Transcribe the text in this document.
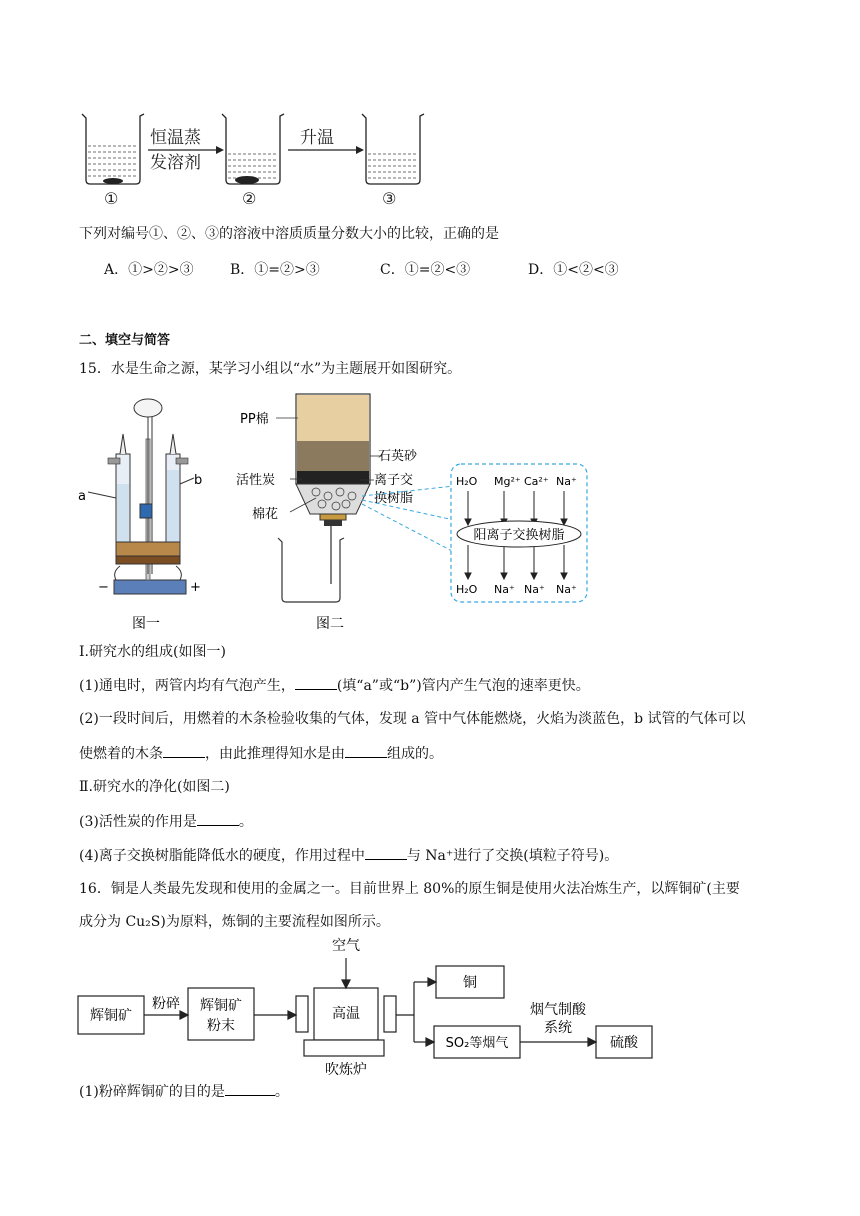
恒温蒸
发溶剂
升温
①	②	③
下列对编号①、②、③的溶液中溶质质量分数大小的比较，正确的是
A．①>②>③	B．①=②>③	C．①=②<③	D．①<②<③
二、填空与简答
15．水是生命之源，某学习小组以“水”为主题展开如图研究。
a
b
−	+
图一
PP棉
石英砂
活性炭	离子交
换树脂
棉花
图二
H₂O Mg²⁺ Ca²⁺ Na⁺
阳离子交换树脂
H₂O Na⁺ Na⁺ Na⁺
I.研究水的组成(如图一)
(1)通电时，两管内均有气泡产生，	(填“a”或“b”)管内产生气泡的速率更快。
(2)一段时间后，用燃着的木条检验收集的气体，发现 a 管中气体能燃烧，火焰为淡蓝色，b 试管的气体可以
使燃着的木条	，由此推理得知水是由	组成的。
Ⅱ.研究水的净化(如图二)
(3)活性炭的作用是	。
(4)离子交换树脂能降低水的硬度，作用过程中	与 Na⁺进行了交换(填粒子符号)。
16．铜是人类最先发现和使用的金属之一。目前世界上 80%的原生铜是使用火法冶炼生产，以辉铜矿(主要
成分为 Cu₂S)为原料，炼铜的主要流程如图所示。
辉铜矿
粉碎 辉铜矿
粉末
空气
高温
吹炼炉
铜
SO₂等烟气
烟气制酸
系统
硫酸
(1)粉碎辉铜矿的目的是	。
